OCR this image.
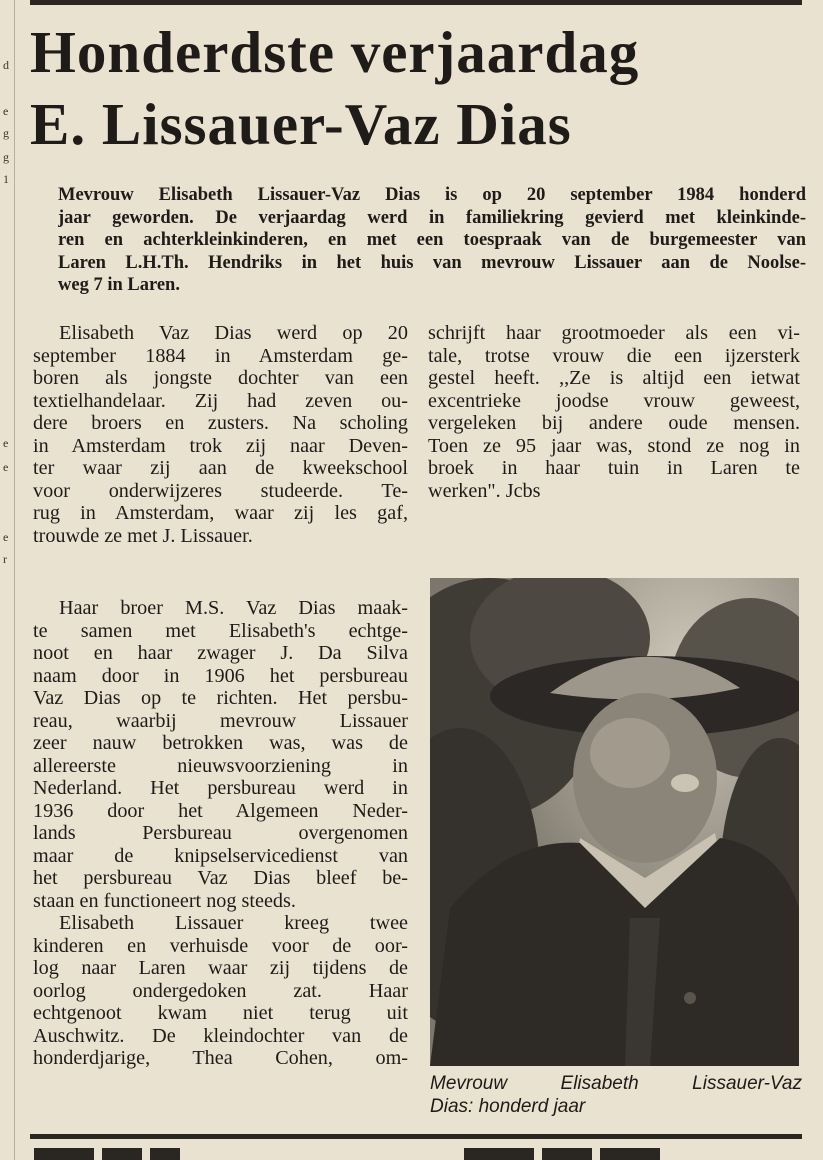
d
e
g
g
1
e
e
e
r
Honderdste verjaardag
E. Lissauer-Vaz Dias
Mevrouw Elisabeth Lissauer-Vaz Dias is op 20 september 1984 honderd
jaar geworden. De verjaardag werd in familiekring gevierd met kleinkinde-
ren en achterkleinkinderen, en met een toespraak van de burgemeester van
Laren L.H.Th. Hendriks in het huis van mevrouw Lissauer aan de Noolse-
weg 7 in Laren.
Elisabeth Vaz Dias werd op 20
september 1884 in Amsterdam ge-
boren als jongste dochter van een
textielhandelaar. Zij had zeven ou-
dere broers en zusters. Na scholing
in Amsterdam trok zij naar Deven-
ter waar zij aan de kweekschool
voor onderwijzeres studeerde. Te-
rug in Amsterdam, waar zij les gaf,
trouwde ze met J. Lissauer.
schrijft haar grootmoeder als een vi-
tale, trotse vrouw die een ijzersterk
gestel heeft. ,,Ze is altijd een ietwat
excentrieke joodse vrouw geweest,
vergeleken bij andere oude mensen.
Toen ze 95 jaar was, stond ze nog in
broek in haar tuin in Laren te
werken". Jcbs
Haar broer M.S. Vaz Dias maak-
te samen met Elisabeth's echtge-
noot en haar zwager J. Da Silva
naam door in 1906 het persbureau
Vaz Dias op te richten. Het persbu-
reau, waarbij mevrouw Lissauer
zeer nauw betrokken was, was de
allereerste nieuwsvoorziening in
Nederland. Het persbureau werd in
1936 door het Algemeen Neder-
lands Persbureau overgenomen
maar de knipselservicedienst van
het persbureau Vaz Dias bleef be-
staan en functioneert nog steeds.
Elisabeth Lissauer kreeg twee
kinderen en verhuisde voor de oor-
log naar Laren waar zij tijdens de
oorlog ondergedoken zat. Haar
echtgenoot kwam niet terug uit
Auschwitz. De kleindochter van de
honderdjarige, Thea Cohen, om-
Mevrouw Elisabeth Lissauer-Vaz
Dias: honderd jaar
